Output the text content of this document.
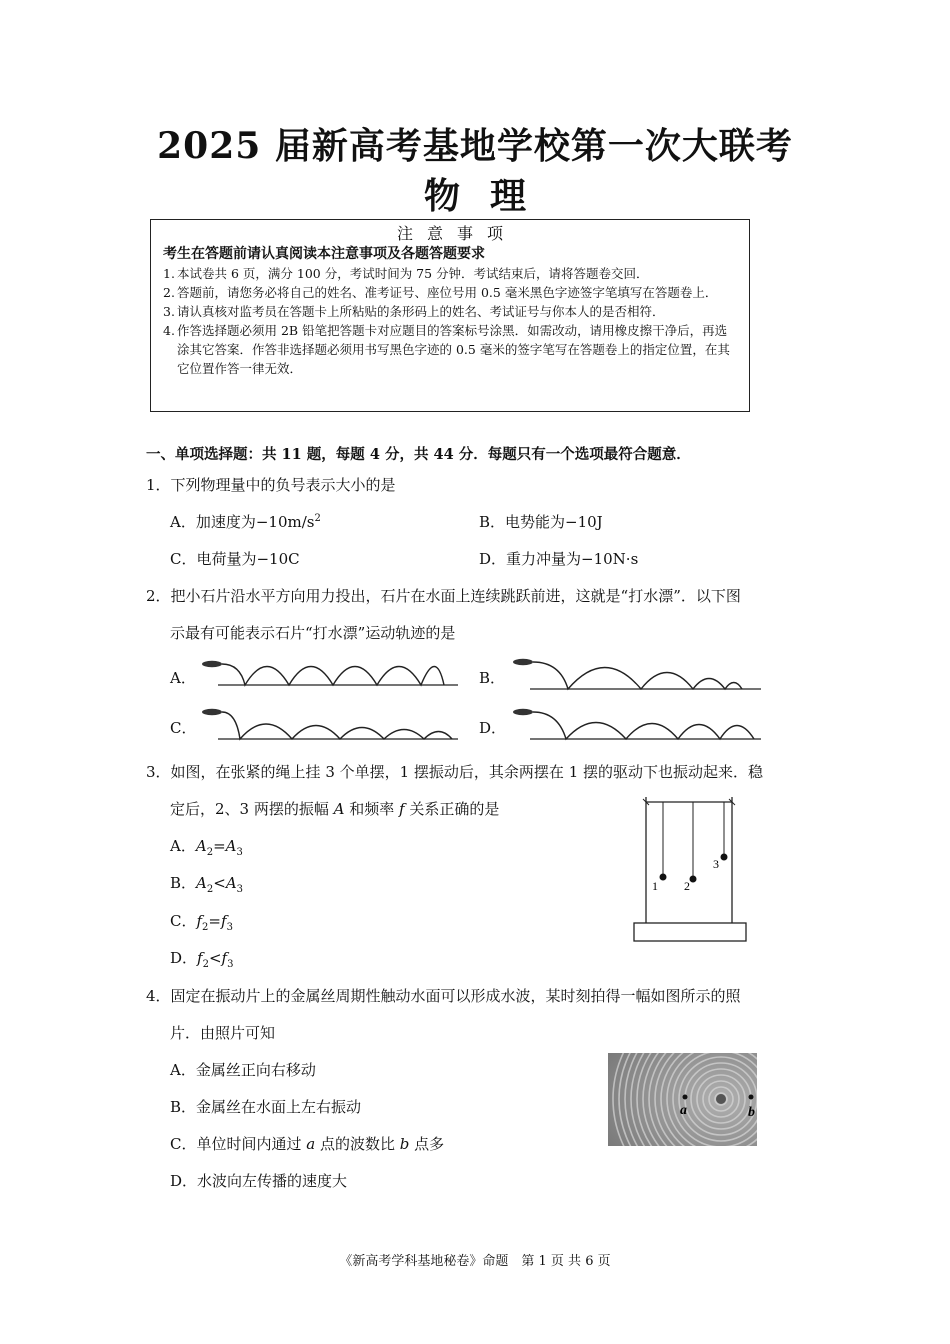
2025 届新高考基地学校第一次大联考
物理
注意事项
考生在答题前请认真阅读本注意事项及各题答题要求
1. 本试卷共 6 页，满分 100 分，考试时间为 75 分钟．考试结束后，请将答题卷交回．
2. 答题前，请您务必将自己的姓名、准考证号、座位号用 0.5 毫米黑色字迹签字笔填写在答题卷上．
3. 请认真核对监考员在答题卡上所粘贴的条形码上的姓名、考试证号与你本人的是否相符．
4. 作答选择题必须用 2B 铅笔把答题卡对应题目的答案标号涂黑．如需改动，请用橡皮擦干净后，再选涂其它答案．作答非选择题必须用书写黑色字迹的 0.5 毫米的签字笔写在答题卷上的指定位置，在其它位置作答一律无效．
一、单项选择题：共 11 题，每题 4 分，共 44 分．每题只有一个选项最符合题意．
1．下列物理量中的负号表示大小的是
A．加速度为$-10m/s^2$	B．电势能为−10J
C．电荷量为−10C	D．重力冲量为−10N·s
2．把小石片沿水平方向用力投出，石片在水面上连续跳跃前进，这就是“打水漂”．以下图
示最有可能表示石片“打水漂”运动轨迹的是
A．	B．
C．	D．
3．如图，在张紧的绳上挂 3 个单摆，1 摆振动后，其余两摆在 1 摆的驱动下也振动起来．稳
定后，2、3 两摆的振幅 A 和频率 f 关系正确的是
A．$A_2=A_3$
B．$A_2<A_3$
C．$f_2=f_3$
D．$f_2<f_3$
1 2
3
4．固定在振动片上的金属丝周期性触动水面可以形成水波，某时刻拍得一幅如图所示的照
片．由照片可知
A．金属丝正向右移动
B．金属丝在水面上左右振动
C．单位时间内通过 a 点的波数比 b 点多
D．水波向左传播的速度大
a	b
《新高考学科基地秘卷》命题　第 1 页 共 6 页
